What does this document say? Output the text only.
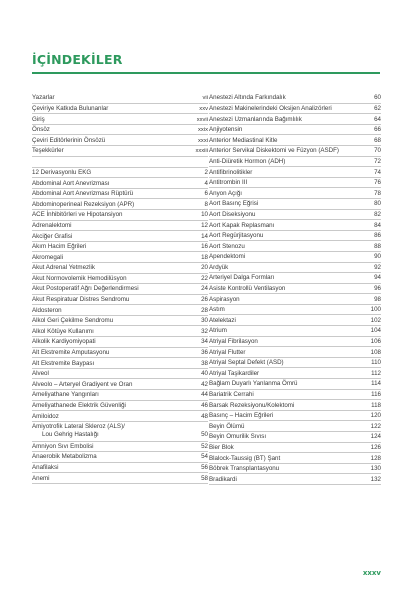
İÇİNDEKİLER
Yazarlar	vii
Çeviriye Katkıda Bulunanlar	xxv
Giriş	xxvii
Önsöz	xxix
Çeviri Editörlerinin Önsözü	xxxi
Teşekkürler	xxxiii
12 Derivasyonlu EKG	2
Abdominal Aort Anevrizması	4
Abdominal Aort Anevrizması Rüptürü	6
Abdominoperineal Rezeksiyon (APR)	8
ACE İnhibitörleri ve Hipotansiyon	10
Adrenalektomi	12
Akciğer Grafisi	14
Akım Hacim Eğrileri	16
Akromegali	18
Akut Adrenal Yetmezlik	20
Akut Normovolemik Hemodilüsyon	22
Akut Postoperatif Ağrı Değerlendirmesi	24
Akut Respiratuar Distres Sendromu	26
Aldosteron	28
Alkol Geri Çekilme Sendromu	30
Alkol Kötüye Kullanımı	32
Alkolik Kardiyomiyopati	34
Alt Ekstremite Amputasyonu	36
Alt Ekstremite Baypası	38
Alveol	40
Alveolo – Arteryel Gradiyent ve Oran	42
Ameliyathane Yangınları	44
Ameliyathanede Elektrik Güvenliği	46
Amiloidoz	48
Amiyotrofik Lateral Skleroz (ALS)/
Lou Gehrig Hastalığı	50
Amniyon Sıvı Embolisi	52
Anaerobik Metabolizma	54
Anafilaksi	56
Anemi	58
Anestezi Altında Farkındalık	60
Anestezi Makinelerindeki Oksijen Analizörleri	62
Anestezi Uzmanlarında Bağımlılık	64
Anjiyotensin	66
Anterior Mediastinal Kitle	68
Anterior Servikal Diskektomi ve Füzyon (ASDF)	70
Anti-Diüretik Hormon (ADH)	72
Antifibrinolitikler	74
Antitrombin III	76
Anyon Açığı	78
Aort Basınç Eğrisi	80
Aort Diseksiyonu	82
Aort Kapak Replasmanı	84
Aort Regürjitasyonu	86
Aort Stenozu	88
Apendektomi	90
Ardyük	92
Arteriyel Dalga Formları	94
Asiste Kontrollü Ventilasyon	96
Aspirasyon	98
Astım	100
Atelektazi	102
Atrium	104
Atriyal Fibrilasyon	106
Atriyal Flutter	108
Atriyal Septal Defekt (ASD)	110
Atriyal Taşikardiler	112
Bağlam Duyarlı Yanlanma Ömrü	114
Bariatrik Cerrahi	116
Barsak Rezeksiyonu/Kolektomi	118
Basınç – Hacim Eğrileri	120
Beyin Ölümü	122
Beyin Omurilik Sıvısı	124
Bier Blok	126
Blalock-Taussig (BT) Şant	128
Böbrek Transplantasyonu	130
Bradikardi	132
xxxv
